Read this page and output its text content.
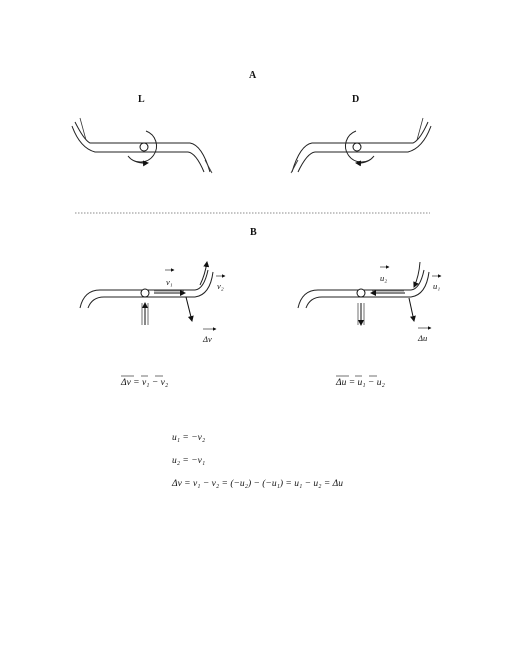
A
L	D
B
v₁	v₂
Δv
u₂
u₁
Δu
Δv = v₁ − v₂	Δu = u₁ − u₂
u₁ = −v₂
u₂ = −v₁
Δv = v₁ − v₂ = (−u₂) − (−u₁) = u₁ − u₂ = Δu
